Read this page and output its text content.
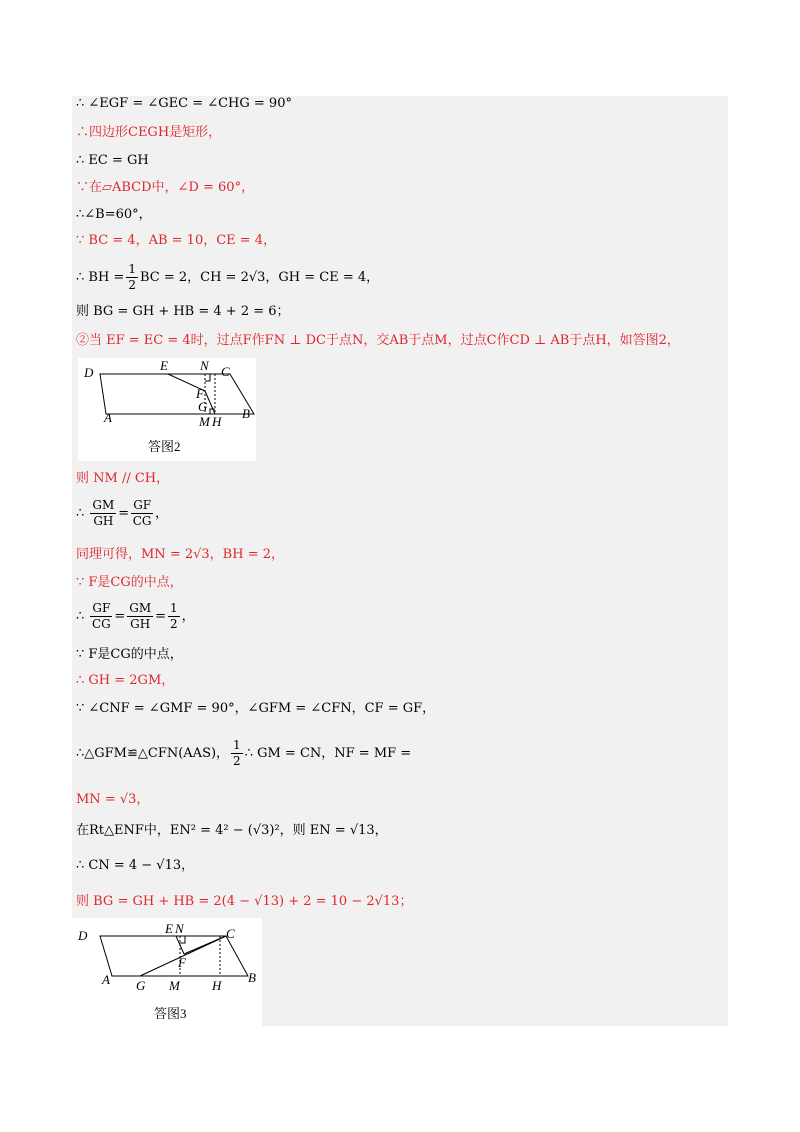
∴ ∠EGF = ∠GEC = ∠CHG = 90°
∴四边形CEGH是矩形，
∴ EC = GH
∵在▱ABCD中，∠D = 60°，
∴∠B=60°，
∵ BC = 4，AB = 10，CE = 4，
∴ BH = $\frac{1}{2}$ BC = 2，CH = 2√3，GH = CE = 4，
则 BG = GH + HB = 4 + 2 = 6；
②当 EF = EC = 4时，过点F作FN ⊥ DC于点N，交AB于点M，过点C作CD ⊥ AB于点H，如答图2，
D	E N C
F
G
A	M H
B
答图2
则 NM // CH，
∴ $\frac{GM}{GH} = \frac{GF}{CG}$ ，
同理可得，MN = 2√3，BH = 2，
∵ F是CG的中点，
∴ $\frac{GF}{CG} = \frac{GM}{GH} = \frac{1}{2}$ ，
∵ F是CG的中点，
∴ GH = 2GM，
∵ ∠CNF = ∠GMF = 90°，∠GFM = ∠CFN，CF = GF，
∴△GFM≌△CFN(AAS)， $\frac{1}{2}$ ∴ GM = CN，NF = MF =
MN = √3，
在Rt△ENF中，EN² = 4² − (√3)²，则 EN = √13，
∴ CN = 4 − √13，
则 BG = GH + HB = 2(4 − √13) + 2 = 10 − 2√13；
D	E N	C
F
A G M H
B
答图3
